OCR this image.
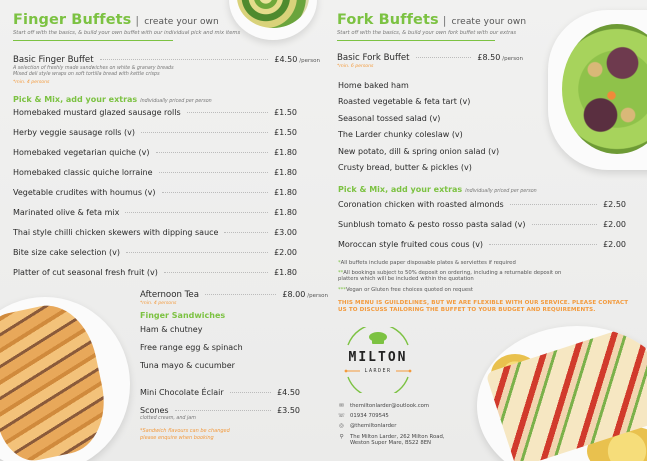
Finger Buffets | create your own
Start off with the basics, & build your own buffet with our individual pick and mix items
Basic Finger Buffet	£4.50 /person
A selection of freshly made sandwiches on white & granary breads
Mixed deli style wraps on soft tortilla bread with kettle crisps
*min. 4 persons
Pick & Mix, add your extras Individually priced per person
Homebaked mustard glazed sausage rolls	£1.50
Herby veggie sausage rolls (v)	£1.50
Homebaked vegetarian quiche (v)	£1.80
Homebaked classic quiche lorraine	£1.80
Vegetable crudites with houmus (v)	£1.80
Marinated olive & feta mix	£1.80
Thai style chilli chicken skewers with dipping sauce	£3.00
Bite size cake selection (v)	£2.00
Platter of cut seasonal fresh fruit (v)	£1.80
Afternoon Tea	£8.00 /person
*min. 4 persons
Finger Sandwiches
Ham & chutney
Free range egg & spinach
Tuna mayo & cucumber
Mini Chocolate Éclair	£4.50
Scones	£3.50
clotted cream, and jam
*Sandwich flavours can be changed
please enquire when booking
Fork Buffets | create your own
Start off with the basics, & build your own fork buffet with our extras
Basic Fork Buffet	£8.50 /person
*min. 6 persons
Home baked ham
Roasted vegetable & feta tart (v)
Seasonal tossed salad (v)
The Larder chunky coleslaw (v)
New potato, dill & spring onion salad (v)
Crusty bread, butter & pickles (v)
Pick & Mix, add your extras Individually priced per person
Coronation chicken with roasted almonds	£2.50
Sunblush tomato & pesto rosso pasta salad (v)	£2.00
Moroccan style fruited cous cous (v)	£2.00
*All buffets include paper disposable plates & serviettes if required
**All bookings subject to 50% deposit on ordering, including a returnable deposit on
platters which will be included within the quotation
***Vegan or Gluten free choices quoted on request
THIS MENU IS GUILDELINES, BUT WE ARE FLEXIBLE WITH OUR SERVICE. PLEASE CONTACT
US TO DISCUSS TAILORING THE BUFFET TO YOUR BUDGET AND REQUIREMENTS.
MILTON
LARDER
✉ themiltonlarder@outlook.com
☏ 01934 709545
◎ @themiltonlarder
⚲ The Milton Larder, 262 Milton Road,
Weston Super Mare, BS22 8EN
